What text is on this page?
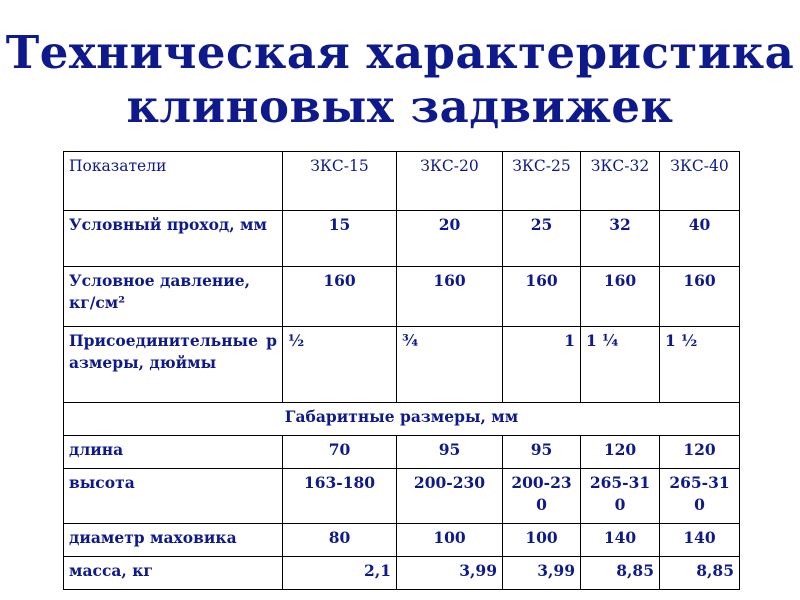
Техническая характеристика
клиновых задвижек
Показатели	ЗКС-15	ЗКС-20	ЗКС-25	ЗКС-32	ЗКС-40
Условный проход, мм	15	20	25	32	40
Условное давление, кг/см²	160	160	160	160	160
Присоединительные размеры, дюймы	½	¾	1	1 ¼	1 ½
Габаритные размеры, мм					
длина	70	95	95	120	120
высота	163-180	200-230	200-230	265-310	265-310
диаметр маховика	80	100	100	140	140
масса, кг	2,1	3,99	3,99	8,85	8,85
